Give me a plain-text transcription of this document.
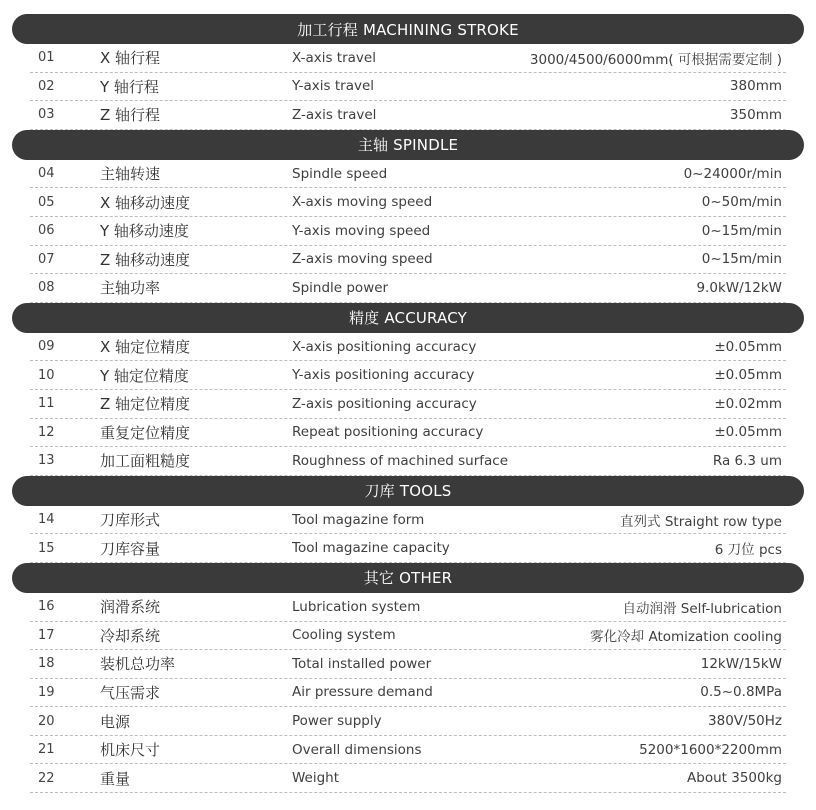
加工行程 MACHINING STROKE
01	X 轴行程	X-axis travel	3000/4500/6000mm( 可根据需要定制 )
02	Y 轴行程	Y-axis travel	380mm
03	Z 轴行程	Z-axis travel	350mm
主轴 SPINDLE
04	主轴转速	Spindle speed	0~24000r/min
05	X 轴移动速度	X-axis moving speed	0~50m/min
06	Y 轴移动速度	Y-axis moving speed	0~15m/min
07	Z 轴移动速度	Z-axis moving speed	0~15m/min
08	主轴功率	Spindle power	9.0kW/12kW
精度 ACCURACY
09	X 轴定位精度	X-axis positioning accuracy	±0.05mm
10	Y 轴定位精度	Y-axis positioning accuracy	±0.05mm
11	Z 轴定位精度	Z-axis positioning accuracy	±0.02mm
12	重复定位精度	Repeat positioning accuracy	±0.05mm
13	加工面粗糙度	Roughness of machined surface	Ra 6.3 um
刀库 TOOLS
14	刀库形式	Tool magazine form	直列式 Straight row type
15	刀库容量	Tool magazine capacity	6 刀位 pcs
其它 OTHER
16	润滑系统	Lubrication system	自动润滑 Self-lubrication
17	冷却系统	Cooling system	雾化冷却 Atomization cooling
18	装机总功率	Total installed power	12kW/15kW
19	气压需求	Air pressure demand	0.5~0.8MPa
20	电源	Power supply	380V/50Hz
21	机床尺寸	Overall dimensions	5200*1600*2200mm
22	重量	Weight	About 3500kg
